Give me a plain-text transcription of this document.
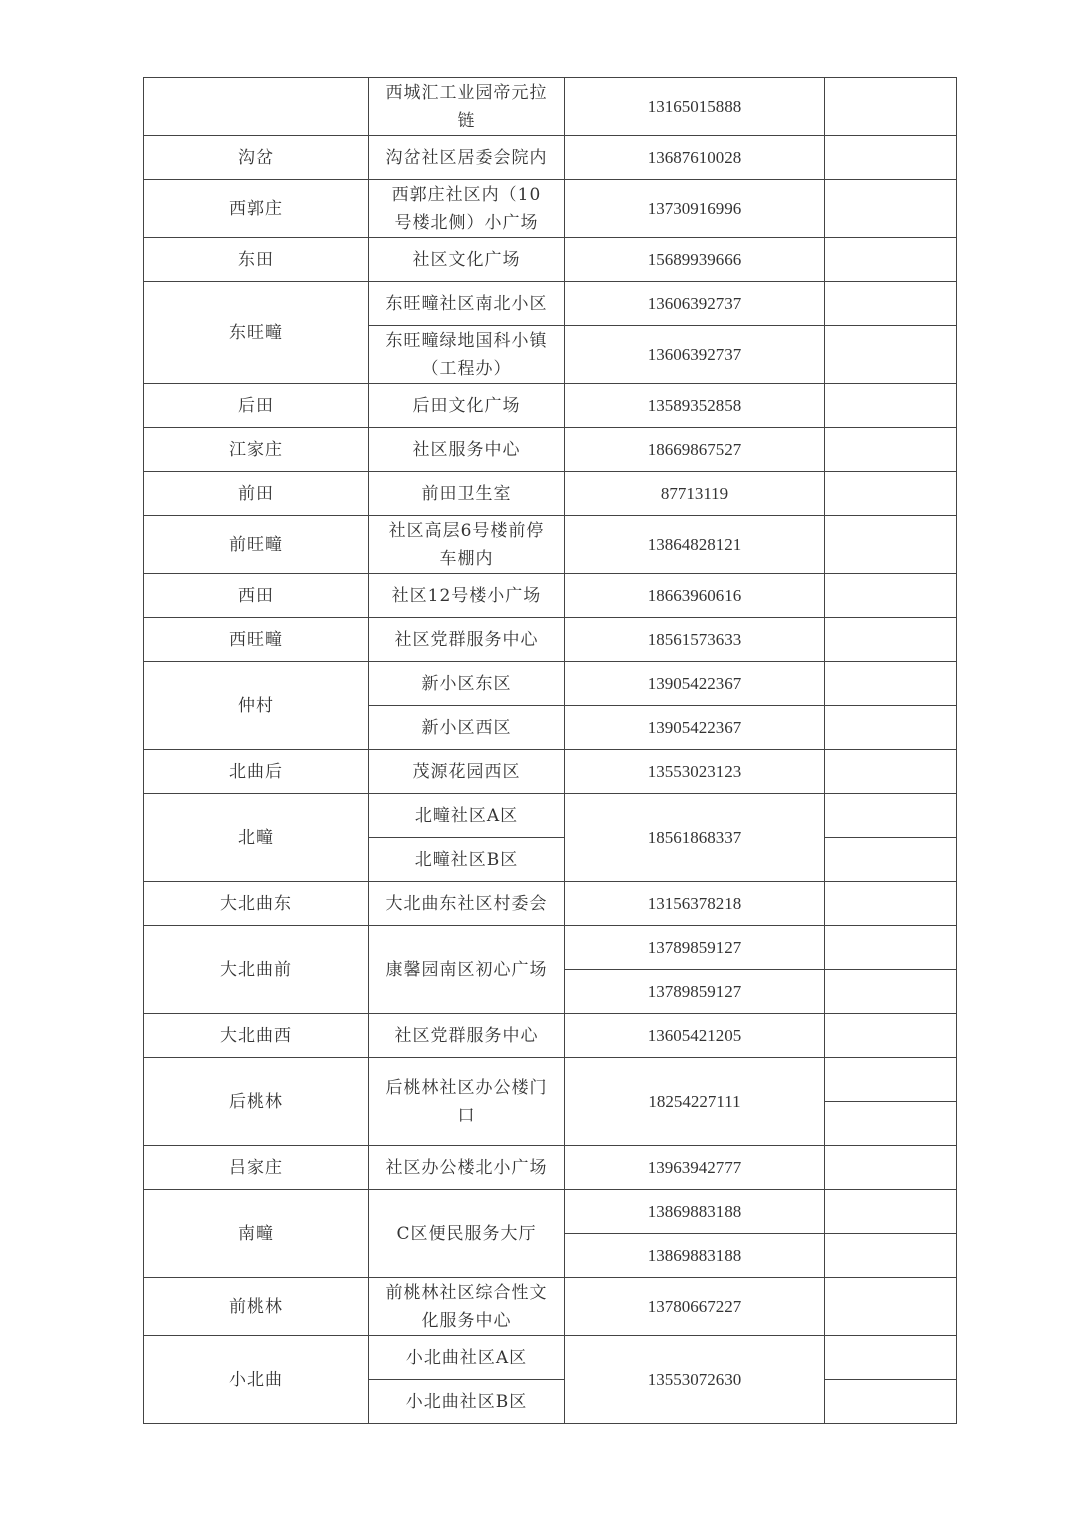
	西城汇工业园帝元拉链	13165015888	
沟岔	沟岔社区居委会院内	13687610028	
西郭庄	西郭庄社区内（10号楼北侧）小广场	13730916996	
东田	社区文化广场	15689939666	
东旺疃	东旺疃社区南北小区	13606392737	
	东旺疃绿地国科小镇（工程办）	13606392737	
后田	后田文化广场	13589352858	
江家庄	社区服务中心	18669867527	
前田	前田卫生室	87713119	
前旺疃	社区高层6号楼前停车棚内	13864828121	
西田	社区12号楼小广场	18663960616	
西旺疃	社区党群服务中心	18561573633	
仲村	新小区东区	13905422367	
	新小区西区	13905422367	
北曲后	茂源花园西区	13553023123	
北疃	北疃社区A区	18561868337	
	北疃社区B区		
大北曲东	大北曲东社区村委会	13156378218	
大北曲前	康馨园南区初心广场	13789859127	
		13789859127	
大北曲西	社区党群服务中心	13605421205	
后桃林	后桃林社区办公楼门口	18254227111	

吕家庄	社区办公楼北小广场	13963942777	
南疃	C区便民服务大厅	13869883188	
		13869883188	
前桃林	前桃林社区综合性文化服务中心	13780667227	
小北曲	小北曲社区A区	13553072630	
	小北曲社区B区		
